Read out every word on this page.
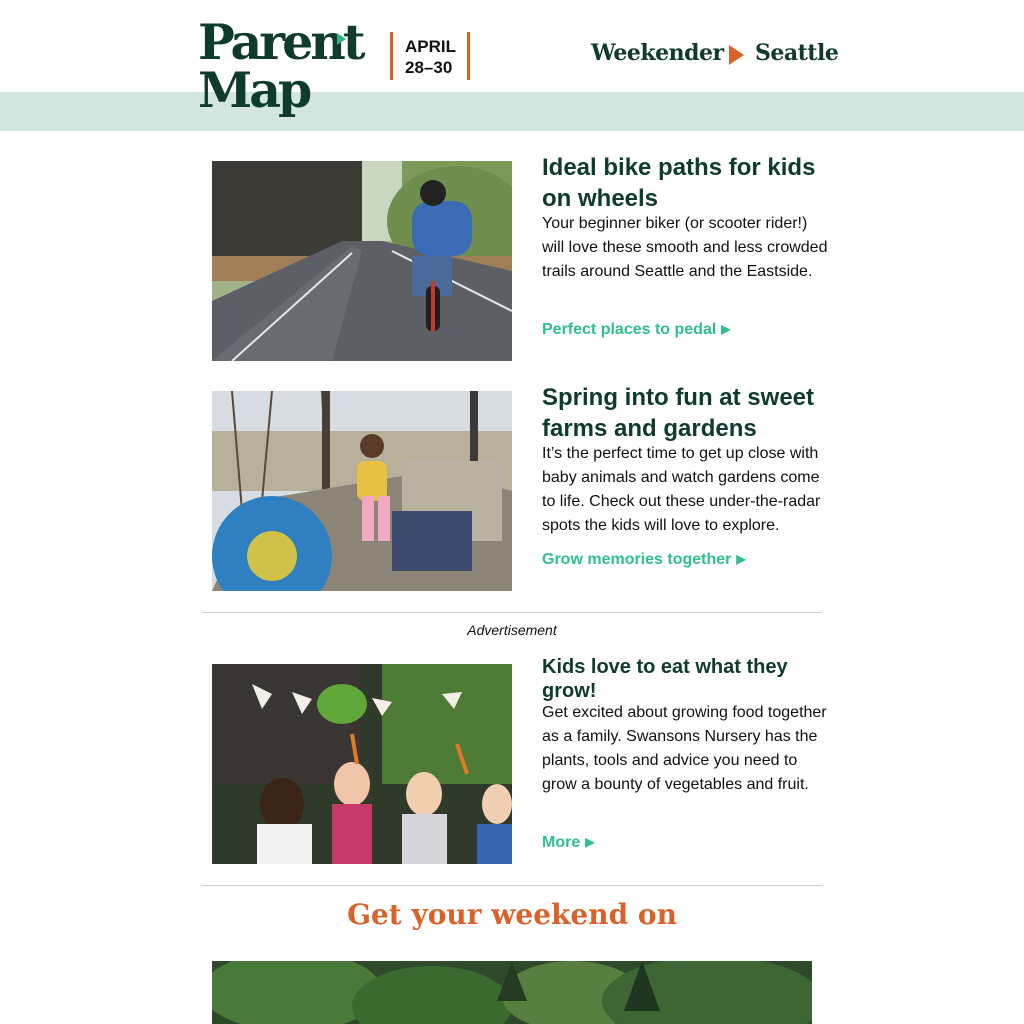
Parent
Map
APRIL
28–30
Weekender Seattle
Ideal bike paths for kids on wheels
Your beginner biker (or scooter rider!) will love these smooth and less crowded trails around Seattle and the Eastside.
Perfect places to pedal ▶
Spring into fun at sweet farms and gardens
It’s the perfect time to get up close with baby animals and watch gardens come to life. Check out these under-the-radar spots the kids will love to explore.
Grow memories together ▶
Advertisement
Kids love to eat what they grow!
Get excited about growing food together as a family. Swansons Nursery has the plants, tools and advice you need to grow a bounty of vegetables and fruit.
More ▶
Get your weekend on
